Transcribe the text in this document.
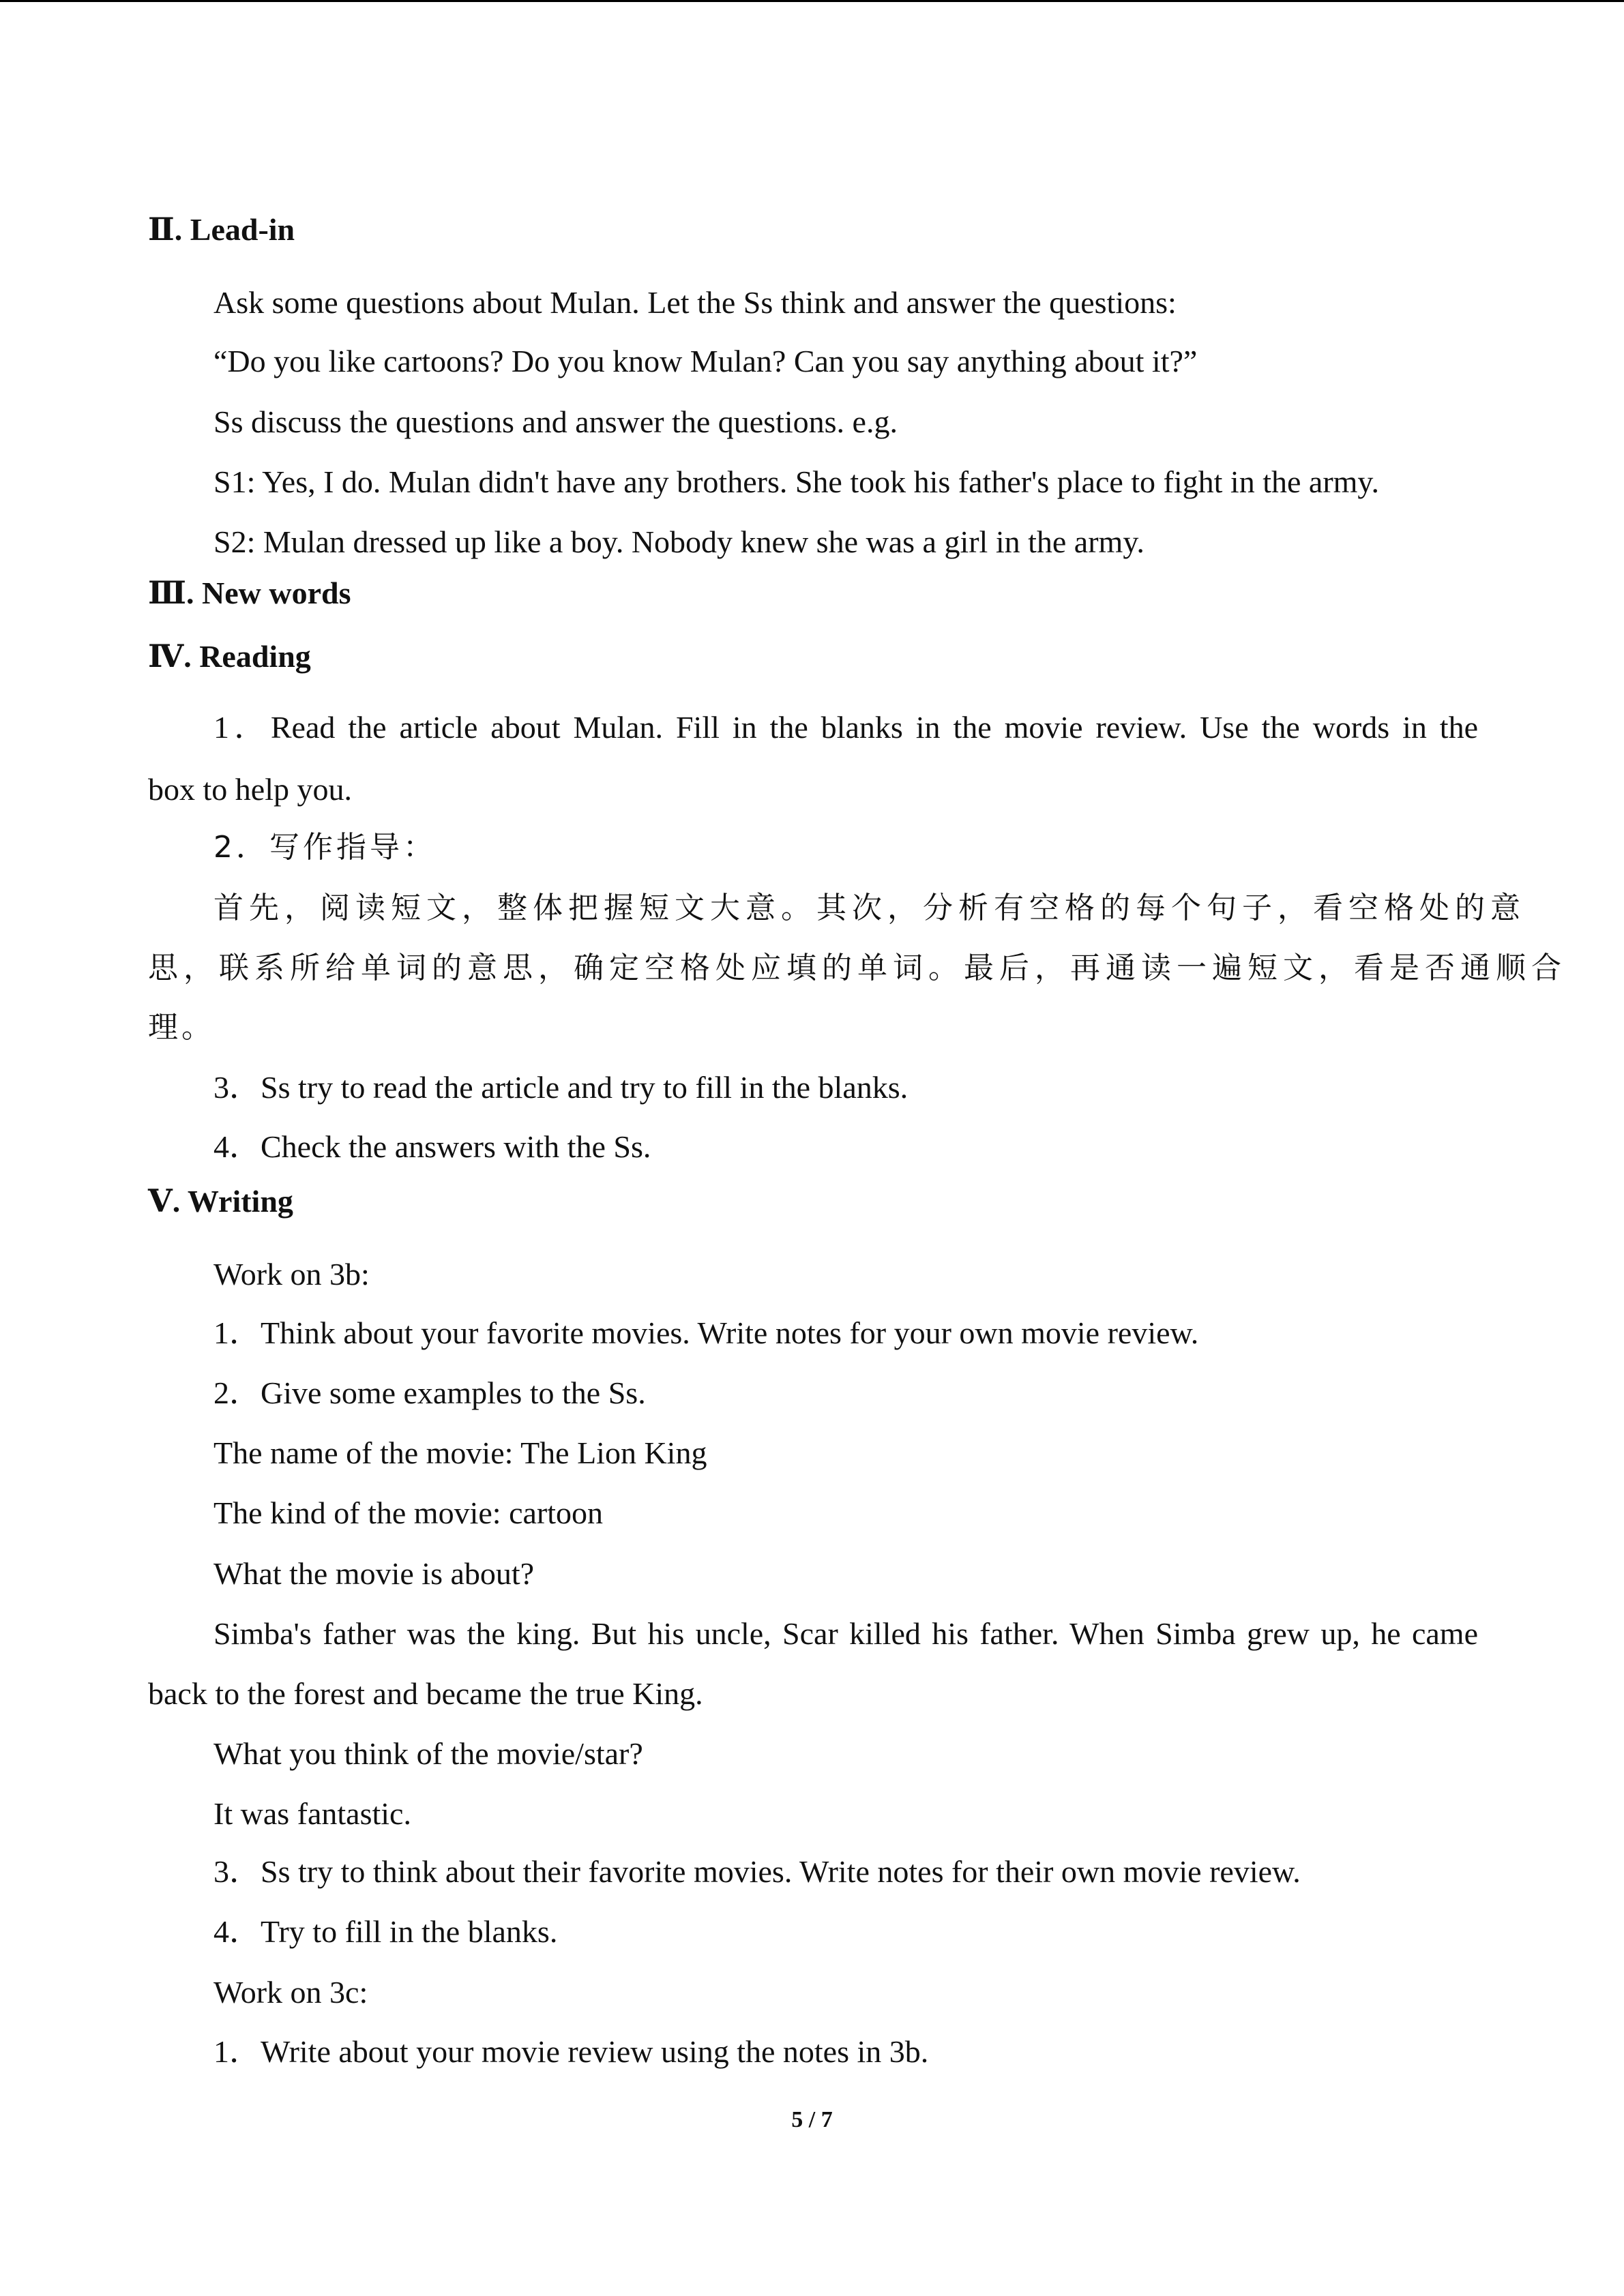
Ⅱ. Lead-in
Ask some questions about Mulan. Let the Ss think and answer the questions:
“Do you like cartoons? Do you know Mulan? Can you say anything about it?”
Ss discuss the questions and answer the questions. e.g.
S1: Yes, I do. Mulan didn't have any brothers. She took his father's place to fight in the army.
S2: Mulan dressed up like a boy. Nobody knew she was a girl in the army.
Ⅲ. New words
Ⅳ. Reading
1．Read the article about Mulan. Fill in the blanks in the movie review. Use the words in the
box to help you.
2．写作指导：
首先，阅读短文，整体把握短文大意。其次，分析有空格的每个句子，看空格处的意
思，联系所给单词的意思，确定空格处应填的单词。最后，再通读一遍短文，看是否通顺合
理。
3．Ss try to read the article and try to fill in the blanks.
4．Check the answers with the Ss.
Ⅴ. Writing
Work on 3b:
1．Think about your favorite movies. Write notes for your own movie review.
2．Give some examples to the Ss.
The name of the movie: The Lion King
The kind of the movie: cartoon
What the movie is about?
Simba's father was the king. But his uncle, Scar killed his father. When Simba grew up, he came
back to the forest and became the true King.
What you think of the movie/star?
It was fantastic.
3．Ss try to think about their favorite movies. Write notes for their own movie review.
4．Try to fill in the blanks.
Work on 3c:
1．Write about your movie review using the notes in 3b.
5 / 7
